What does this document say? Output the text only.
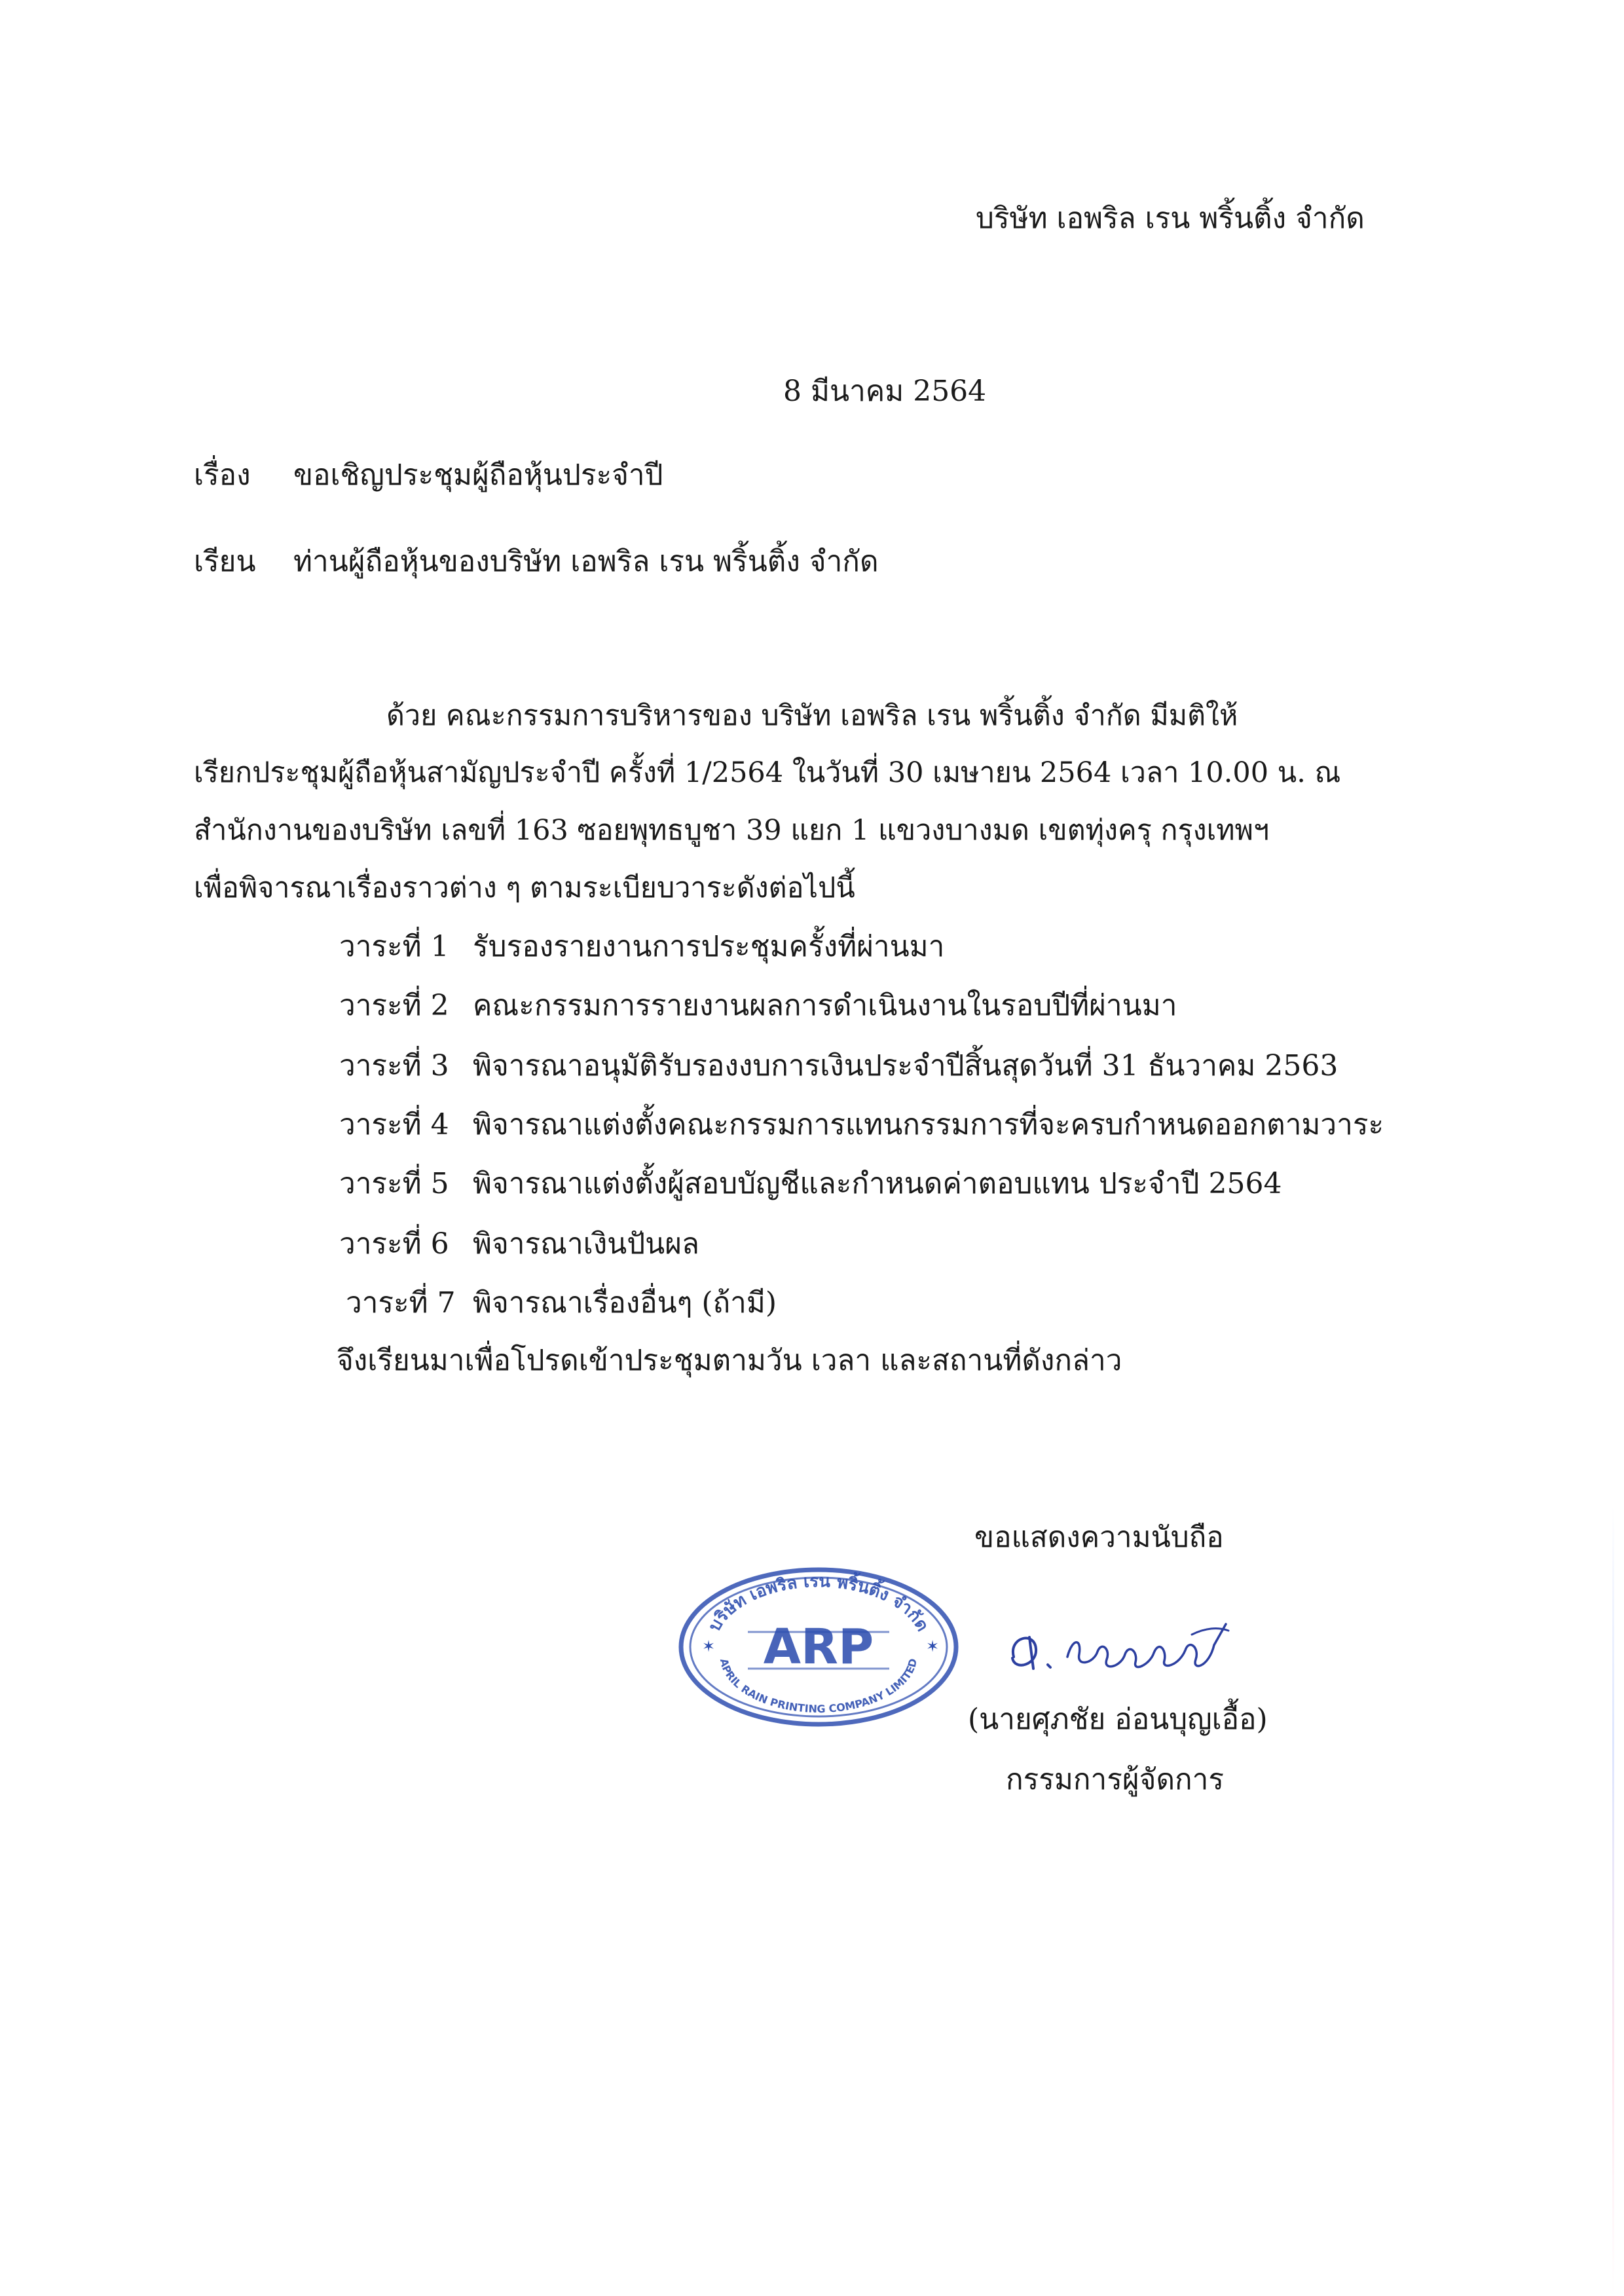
บริษัท เอพริล เรน พริ้นติ้ง จำกัด
8 มีนาคม 2564
เรื่อง ขอเชิญประชุมผู้ถือหุ้นประจำปี
เรียน ท่านผู้ถือหุ้นของบริษัท เอพริล เรน พริ้นติ้ง จำกัด
ด้วย คณะกรรมการบริหารของ บริษัท เอพริล เรน พริ้นติ้ง จำกัด มีมติให้
เรียกประชุมผู้ถือหุ้นสามัญประจำปี ครั้งที่ 1/2564 ในวันที่ 30 เมษายน 2564 เวลา 10.00 น. ณ
สำนักงานของบริษัท เลขที่ 163 ซอยพุทธบูชา 39 แยก 1 แขวงบางมด เขตทุ่งครุ กรุงเทพฯ
เพื่อพิจารณาเรื่องราวต่าง ๆ ตามระเบียบวาระดังต่อไปนี้
วาระที่ 1 รับรองรายงานการประชุมครั้งที่ผ่านมา
วาระที่ 2 คณะกรรมการรายงานผลการดำเนินงานในรอบปีที่ผ่านมา
วาระที่ 3 พิจารณาอนุมัติรับรองงบการเงินประจำปีสิ้นสุดวันที่ 31 ธันวาคม 2563
วาระที่ 4 พิจารณาแต่งตั้งคณะกรรมการแทนกรรมการที่จะครบกำหนดออกตามวาระ
วาระที่ 5 พิจารณาแต่งตั้งผู้สอบบัญชีและกำหนดค่าตอบแทน ประจำปี 2564
วาระที่ 6 พิจารณาเงินปันผล
วาระที่ 7 พิจารณาเรื่องอื่นๆ (ถ้ามี)
จึงเรียนมาเพื่อโปรดเข้าประชุมตามวัน เวลา และสถานที่ดังกล่าว
ขอแสดงความนับถือ
บริษัท เอพริล เรน พริ้นติ้ง จำกัด
APRIL RAIN PRINTING COMPANY LIMITED
ARP
✶	✶
(นายศุภชัย อ่อนบุญเอื้อ)
กรรมการผู้จัดการ
